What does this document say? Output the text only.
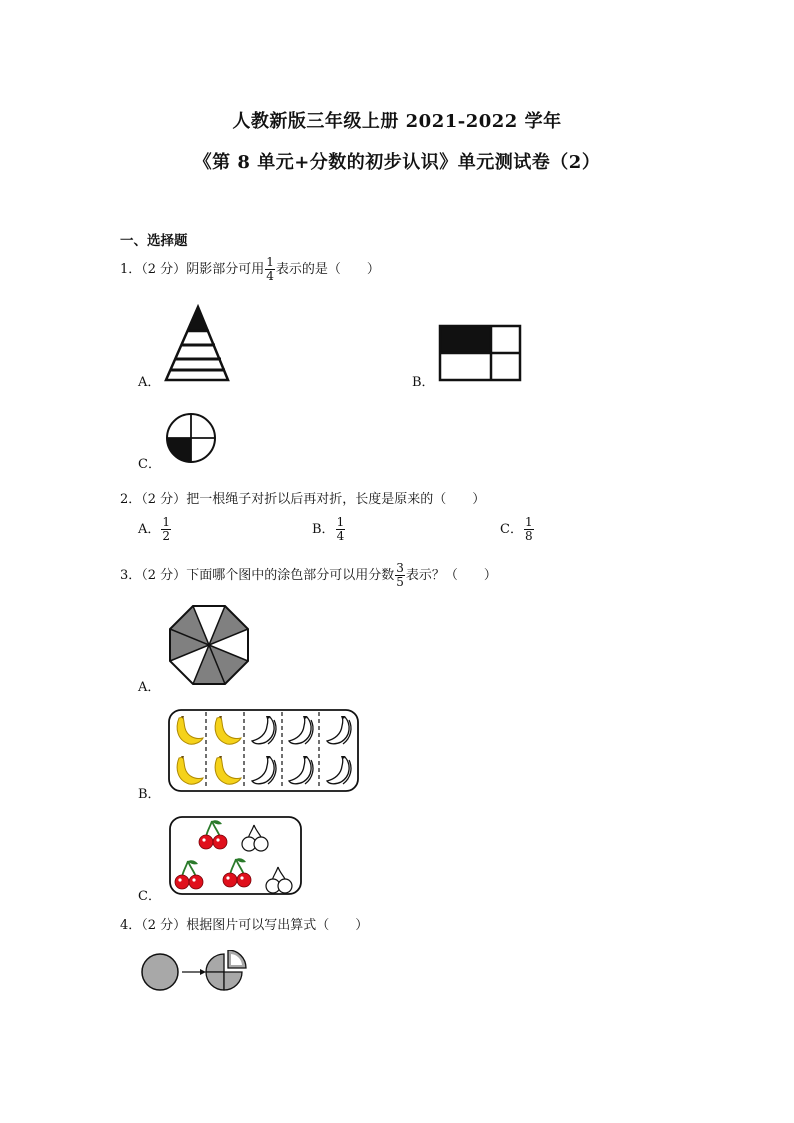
人教新版三年级上册 2021-2022 学年
《第 8 单元+分数的初步认识》单元测试卷（2）
一、选择题
1．（2 分）阴影部分可用 $\frac{1}{4}$ 表示的是（　　）
A．	B．
C．
2．（2 分）把一根绳子对折以后再对折，长度是原来的（　　）
A． $\frac{1}{2}$	B． $\frac{1}{4}$	C． $\frac{1}{8}$
3．（2 分）下面哪个图中的涂色部分可以用分数 $\frac{3}{5}$ 表示？（　　）
A．
B．
C．
4．（2 分）根据图片可以写出算式（　　）
